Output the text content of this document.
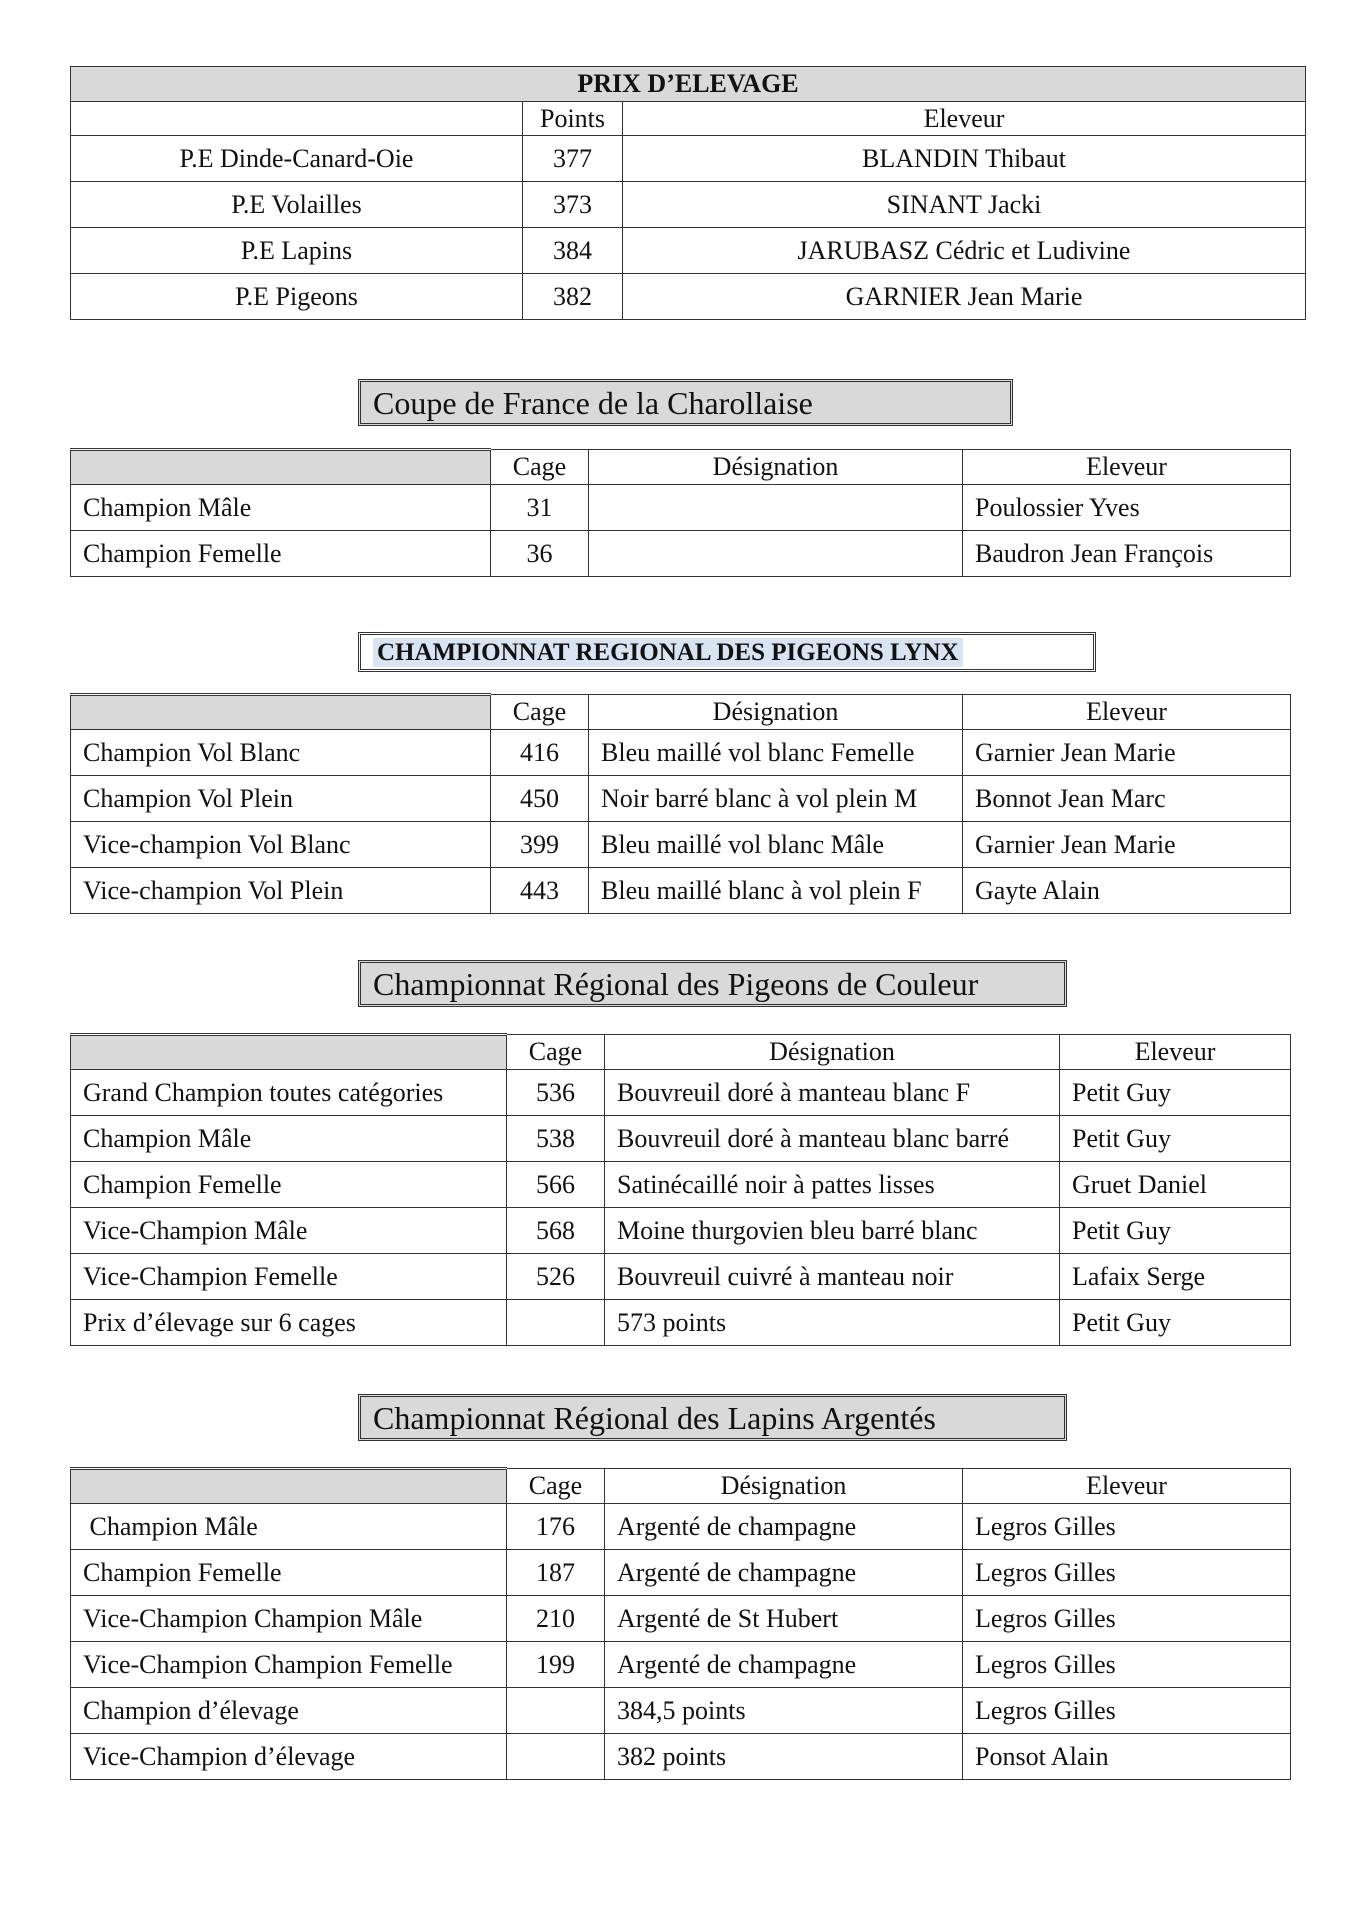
PRIX D’ELEVAGE		
	Points	Eleveur
P.E Dinde-Canard-Oie	377	BLANDIN Thibaut
P.E Volailles	373	SINANT Jacki
P.E Lapins	384	JARUBASZ Cédric et Ludivine
P.E Pigeons	382	GARNIER Jean Marie
Coupe de France de la Charollaise
	Cage	Désignation	Eleveur
Champion Mâle	31		Poulossier Yves
Champion Femelle	36		Baudron Jean François
CHAMPIONNAT REGIONAL DES PIGEONS LYNX
	Cage	Désignation	Eleveur
Champion Vol Blanc	416	Bleu maillé vol blanc Femelle	Garnier Jean Marie
Champion Vol Plein	450	Noir barré blanc à vol plein M	Bonnot Jean Marc
Vice-champion Vol Blanc	399	Bleu maillé vol blanc Mâle	Garnier Jean Marie
Vice-champion Vol Plein	443	Bleu maillé blanc à vol plein F	Gayte Alain
Championnat Régional des Pigeons de Couleur
	Cage	Désignation	Eleveur
Grand Champion toutes catégories	536	Bouvreuil doré à manteau blanc F	Petit Guy
Champion Mâle	538	Bouvreuil doré à manteau blanc barré	Petit Guy
Champion Femelle	566	Satinécaillé noir à pattes lisses	Gruet Daniel
Vice-Champion Mâle	568	Moine thurgovien bleu barré blanc	Petit Guy
Vice-Champion Femelle	526	Bouvreuil cuivré à manteau noir	Lafaix Serge
Prix d’élevage sur 6 cages		573 points	Petit Guy
Championnat Régional des Lapins Argentés
	Cage	Désignation	Eleveur
Champion Mâle	176	Argenté de champagne	Legros Gilles
Champion Femelle	187	Argenté de champagne	Legros Gilles
Vice-Champion Champion Mâle	210	Argenté de St Hubert	Legros Gilles
Vice-Champion Champion Femelle	199	Argenté de champagne	Legros Gilles
Champion d’élevage		384,5 points	Legros Gilles
Vice-Champion d’élevage		382 points	Ponsot Alain
